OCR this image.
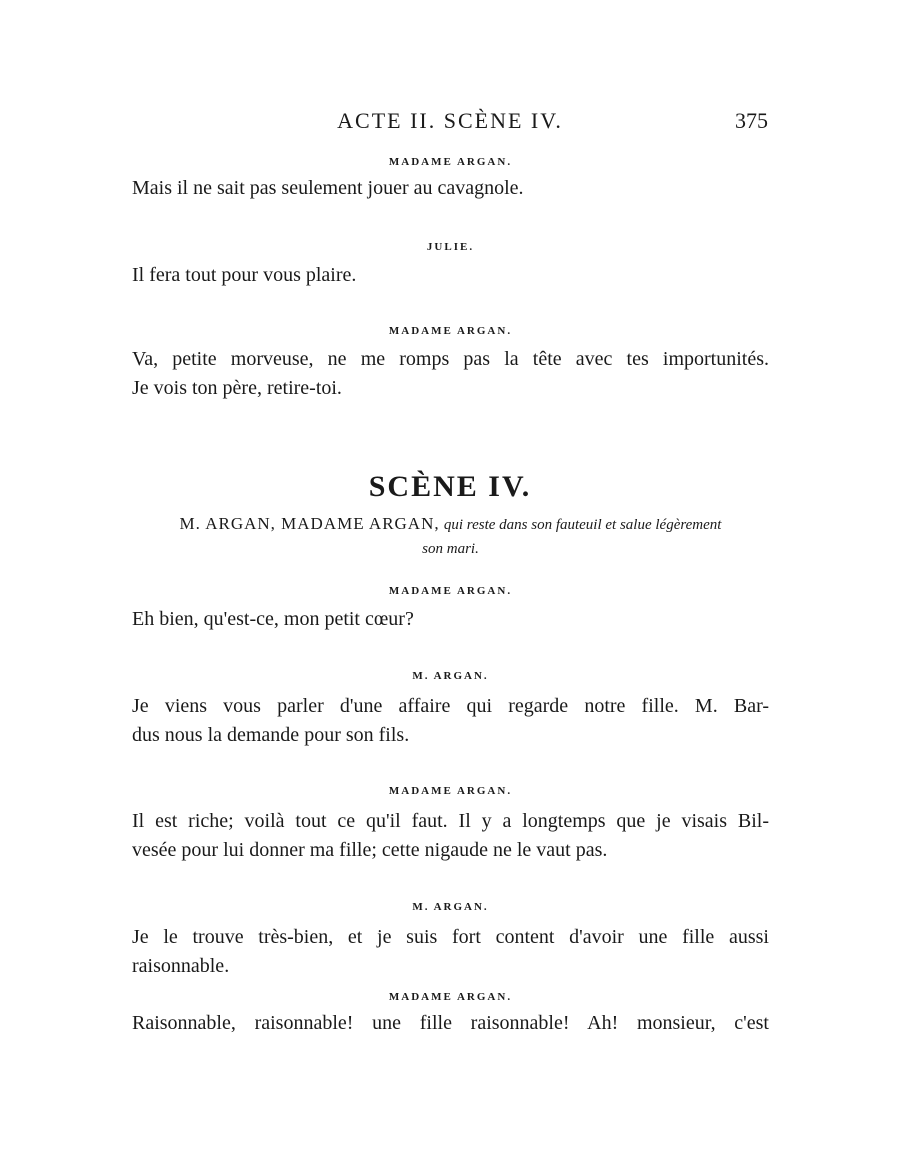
ACTE II. SCÈNE IV.	375

MADAME ARGAN.

Mais il ne sait pas seulement jouer au cavagnole.

JULIE.

Il fera tout pour vous plaire.

MADAME ARGAN.

Va, petite morveuse, ne me romps pas la tête avec tes importunités.

Je vois ton père, retire-toi.

SCÈNE IV.
M. ARGAN, MADAME ARGAN, qui reste dans son fauteuil et salue légèrement
son mari.

MADAME ARGAN.

Eh bien, qu'est-ce, mon petit cœur?

M. ARGAN.

Je viens vous parler d'une affaire qui regarde notre fille. M. Bar-

dus nous la demande pour son fils.

MADAME ARGAN.

Il est riche; voilà tout ce qu'il faut. Il y a longtemps que je visais Bil-

vesée pour lui donner ma fille; cette nigaude ne le vaut pas.

M. ARGAN.

Je le trouve très-bien, et je suis fort content d'avoir une fille aussi

raisonnable.

MADAME ARGAN.

Raisonnable, raisonnable! une fille raisonnable! Ah! monsieur, c'est
